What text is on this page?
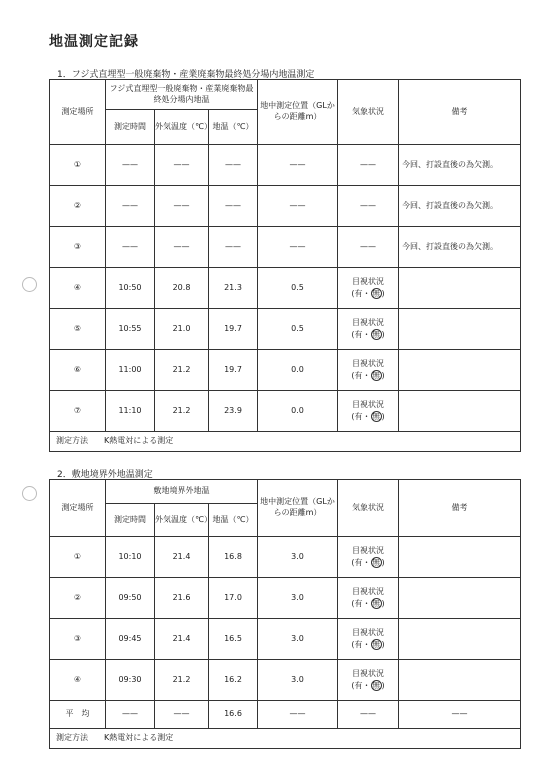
地温測定記録
1．フジ式直埋型一般廃棄物・産業廃棄物最終処分場内地温測定
測定場所	フジ式直埋型一般廃棄物・産業廃棄物最終処分場内地温			地中測定位置（GLからの距離m）	気象状況	備考
	測定時間	外気温度（℃）	地温（℃）			
①	——	——	——	——	——	今回、打設直後の為欠測。
②	——	——	——	——	——	今回、打設直後の為欠測。
③	——	——	——	——	——	今回、打設直後の為欠測。
④	10:50	20.8	21.3	0.5	目視状況
(有・ 無 )	
⑤	10:55	21.0	19.7	0.5	目視状況
(有・ 無 )	
⑥	11:00	21.2	19.7	0.0	目視状況
(有・ 無 )	
⑦	11:10	21.2	23.9	0.0	目視状況
(有・ 無 )	
測定方法　　K熱電対による測定						
2．敷地境界外地温測定
測定場所	敷地境界外地温			地中測定位置（GLからの距離m）	気象状況	備考
	測定時間	外気温度（℃）	地温（℃）			
①	10:10	21.4	16.8	3.0	目視状況
(有・ 無 )	
②	09:50	21.6	17.0	3.0	目視状況
(有・ 無 )	
③	09:45	21.4	16.5	3.0	目視状況
(有・ 無 )	
④	09:30	21.2	16.2	3.0	目視状況
(有・ 無 )	
平　均	——	——	16.6	——	——	——
測定方法　　K熱電対による測定						
